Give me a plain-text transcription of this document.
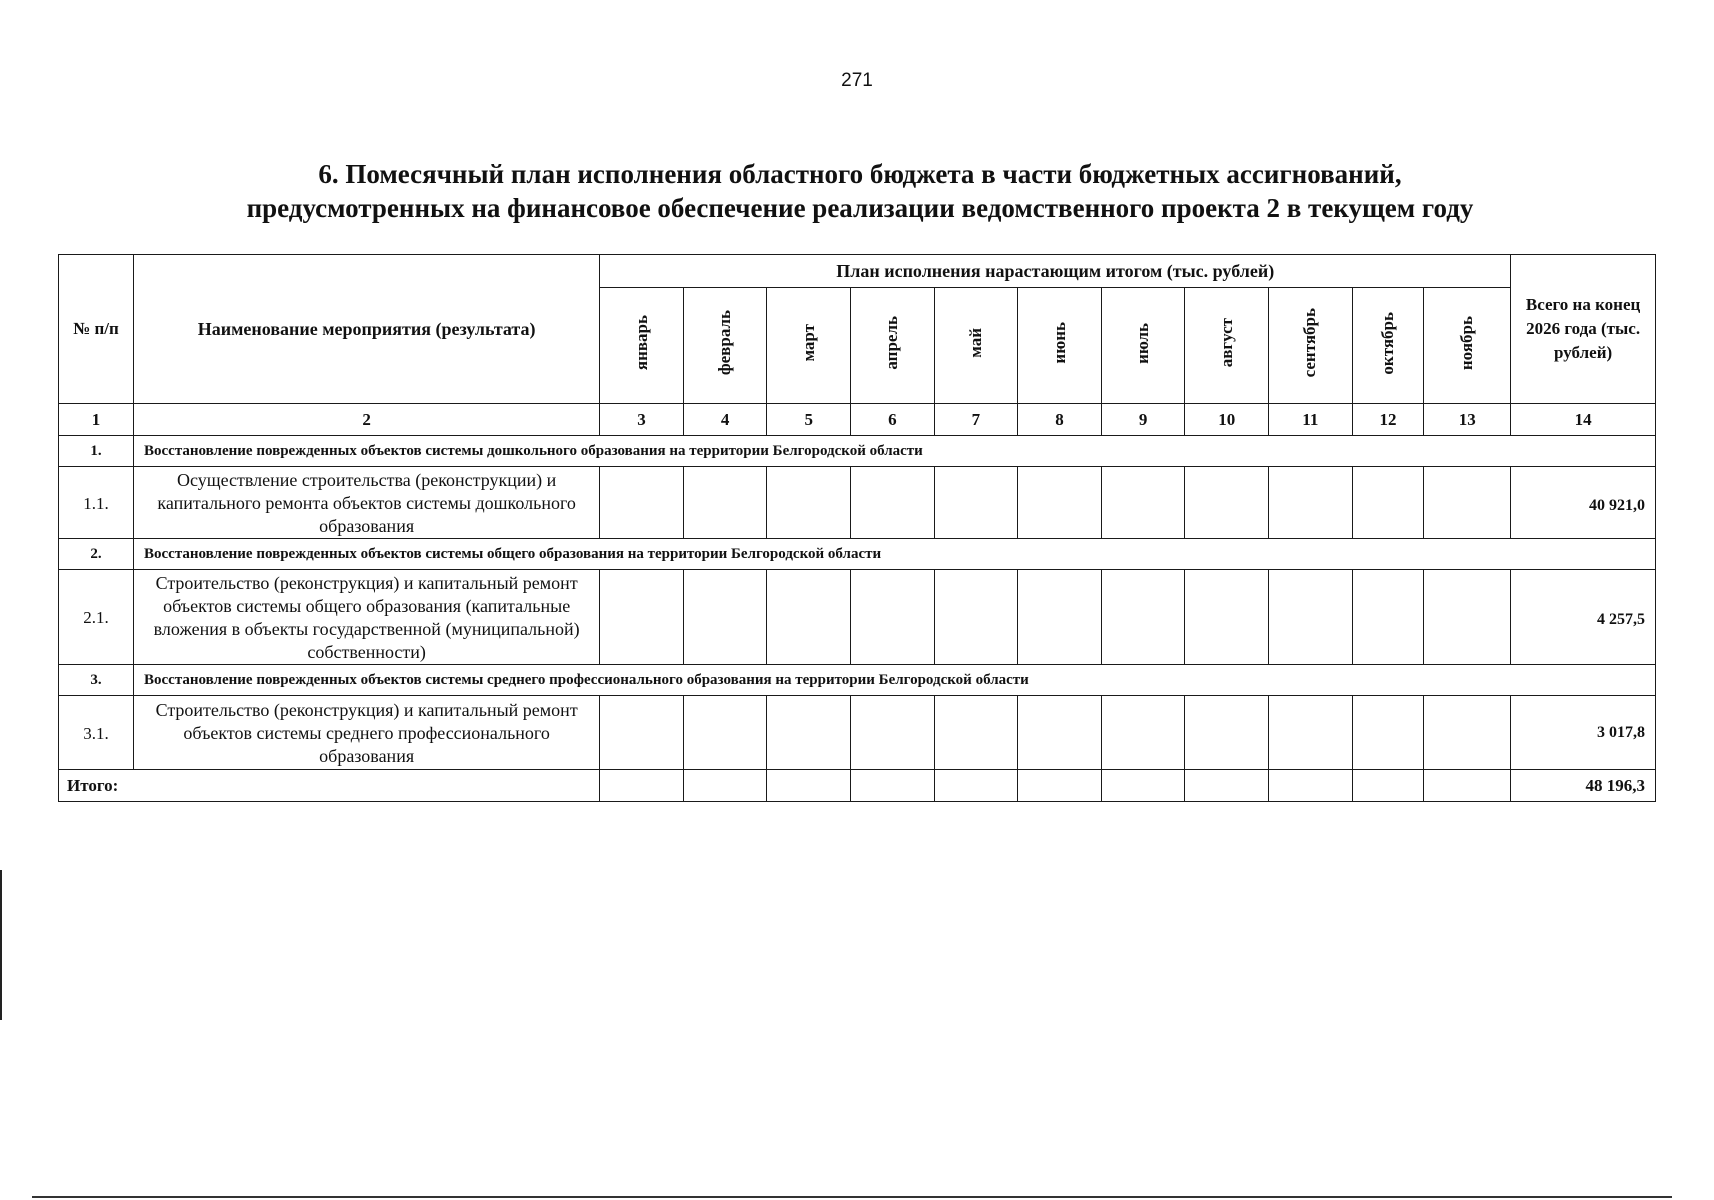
271
6. Помесячный план исполнения областного бюджета в части бюджетных ассигнований,
предусмотренных на финансовое обеспечение реализации ведомственного проекта 2 в текущем году
№ п/п	Наименование мероприятия (результата)	План исполнения нарастающим итогом (тыс. рублей)											Всего на конец 2026 года (тыс. рублей)
		январь	февраль	март	апрель	май	июнь	июль	август	сентябрь	октябрь	ноябрь	
1	2	3	4	5	6	7	8	9	10	11	12	13	14
1.	Восстановление поврежденных объектов системы дошкольного образования на территории Белгородской области												
1.1.	Осуществление строительства (реконструкции) и капитального ремонта объектов системы дошкольного образования												40 921,0
2.	Восстановление поврежденных объектов системы общего образования на территории Белгородской области												
2.1.	Строительство (реконструкция) и капитальный ремонт объектов системы общего образования (капитальные вложения в объекты государственной (муниципальной) собственности)												4 257,5
3.	Восстановление поврежденных объектов системы среднего профессионального образования на территории Белгородской области												
3.1.	Строительство (реконструкция) и капитальный ремонт объектов системы среднего профессионального образования												3 017,8
Итого:													48 196,3
